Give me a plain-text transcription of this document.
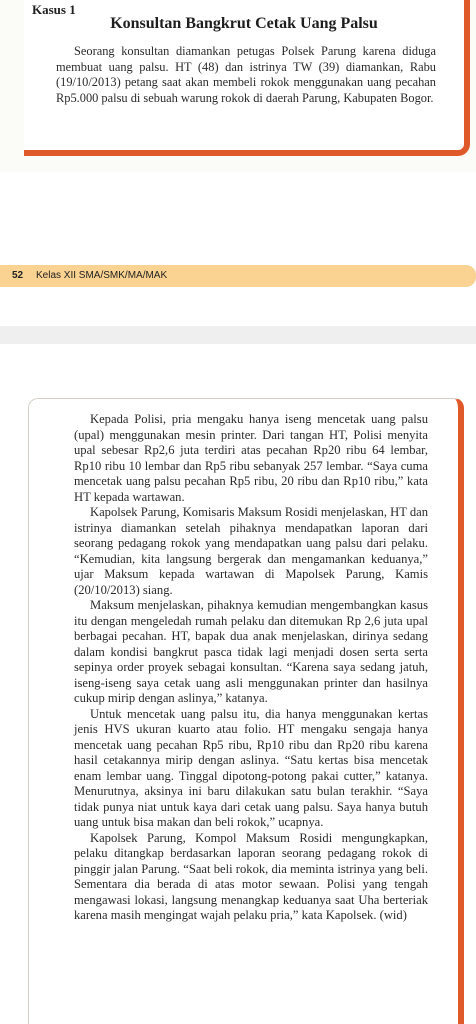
Kasus 1
Konsultan Bangkrut Cetak Uang Palsu

Seorang konsultan diamankan petugas Polsek Parung karena diduga membuat uang palsu. HT (48) dan istrinya TW (39) diamankan, Rabu (19/10/2013) petang saat akan membeli rokok menggunakan uang pecahan Rp5.000 palsu di sebuah warung rokok di daerah Parung, Kabupaten Bogor.

52 Kelas XII SMA/SMK/MA/MAK

Kepada Polisi, pria mengaku hanya iseng mencetak uang palsu (upal) menggunakan mesin printer. Dari tangan HT, Polisi menyita upal sebesar Rp2,6 juta terdiri atas pecahan Rp20 ribu 64 lembar, Rp10 ribu 10 lembar dan Rp5 ribu sebanyak 257 lembar. “Saya cuma mencetak uang palsu pecahan Rp5 ribu, 20 ribu dan Rp10 ribu,” kata HT kepada wartawan.

Kapolsek Parung, Komisaris Maksum Rosidi menjelaskan, HT dan istrinya diamankan setelah pihaknya mendapatkan laporan dari seorang pedagang rokok yang mendapatkan uang palsu dari pelaku. “Kemudian, kita langsung bergerak dan mengamankan keduanya,” ujar Maksum kepada wartawan di Mapolsek Parung, Kamis (20/10/2013) siang.

Maksum menjelaskan, pihaknya kemudian mengembangkan kasus itu dengan mengeledah rumah pelaku dan ditemukan Rp 2,6 juta upal berbagai pecahan. HT, bapak dua anak menjelaskan, dirinya sedang dalam kondisi bangkrut pasca tidak lagi menjadi dosen serta serta sepinya order proyek sebagai konsultan. “Karena saya sedang jatuh, iseng-iseng saya cetak uang asli menggunakan printer dan hasilnya cukup mirip dengan aslinya,” katanya.

Untuk mencetak uang palsu itu, dia hanya menggunakan kertas jenis HVS ukuran kuarto atau folio. HT mengaku sengaja hanya mencetak uang pecahan Rp5 ribu, Rp10 ribu dan Rp20 ribu karena hasil cetakannya mirip dengan aslinya. “Satu kertas bisa mencetak enam lembar uang. Tinggal dipotong-potong pakai cutter,” katanya. Menurutnya, aksinya ini baru dilakukan satu bulan terakhir. “Saya tidak punya niat untuk kaya dari cetak uang palsu. Saya hanya butuh uang untuk bisa makan dan beli rokok,” ucapnya.

Kapolsek Parung, Kompol Maksum Rosidi mengungkapkan, pelaku ditangkap berdasarkan laporan seorang pedagang rokok di pinggir jalan Parung. “Saat beli rokok, dia meminta istrinya yang beli. Sementara dia berada di atas motor sewaan. Polisi yang tengah mengawasi lokasi, langsung menangkap keduanya saat Uha berteriak karena masih mengingat wajah pelaku pria,” kata Kapolsek. (wid)
